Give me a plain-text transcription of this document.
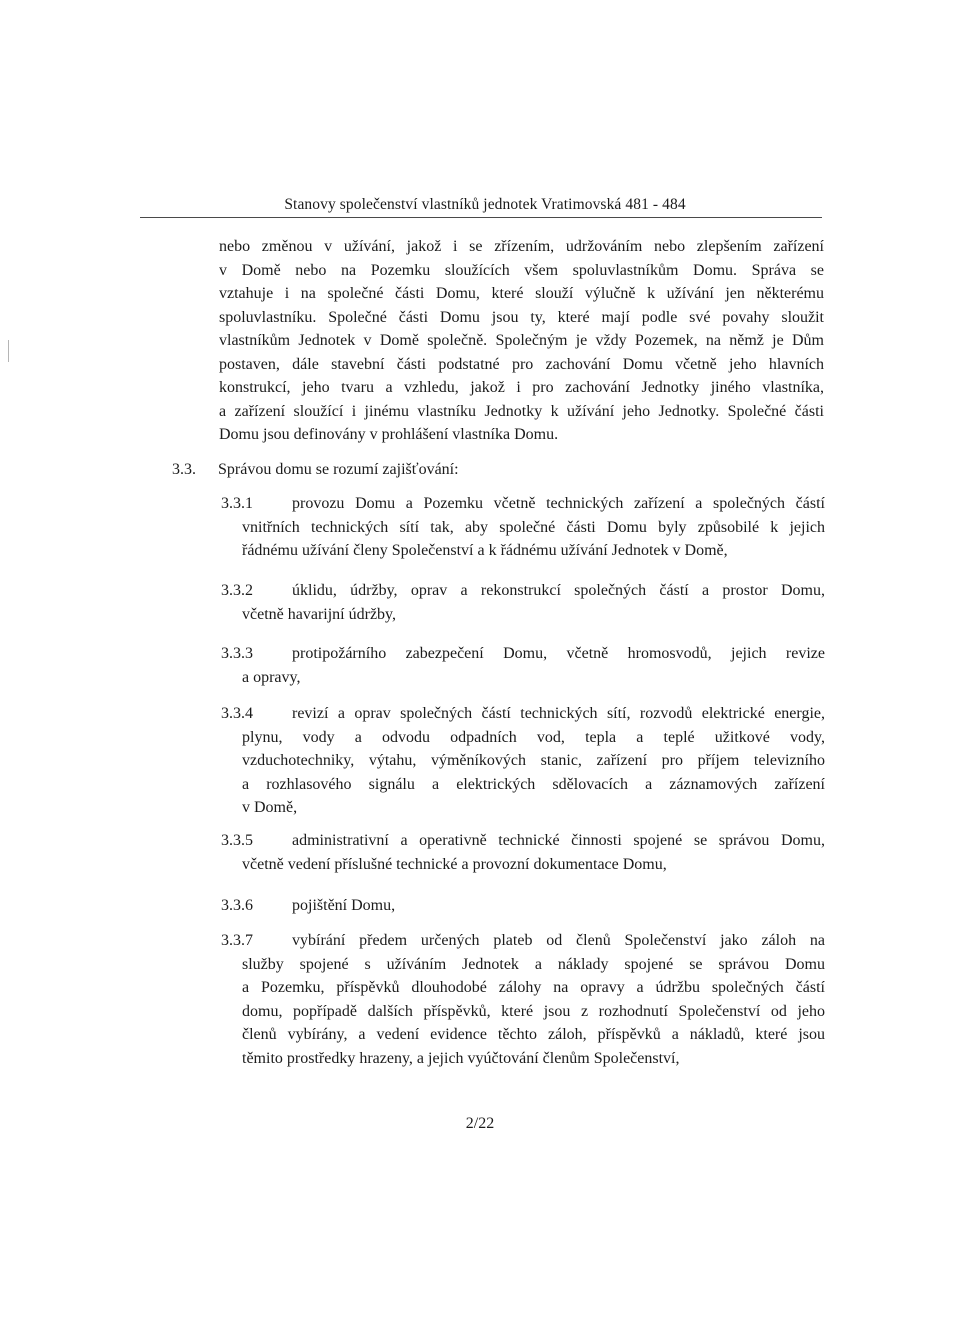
Stanovy společenství vlastníků jednotek Vratimovská 481 - 484
nebo změnou v užívání, jakož i se zřízením, udržováním nebo zlepšením zařízení
v Domě nebo na Pozemku sloužících všem spoluvlastníkům Domu. Správa se
vztahuje i na společné části Domu, které slouží výlučně k užívání jen některému
spoluvlastníku. Společné části Domu jsou ty, které mají podle své povahy sloužit
vlastníkům Jednotek v Domě společně. Společným je vždy Pozemek, na němž je Dům
postaven, dále stavební části podstatné pro zachování Domu včetně jeho hlavních
konstrukcí, jeho tvaru a vzhledu, jakož i pro zachování Jednotky jiného vlastníka,
a zařízení sloužící i jinému vlastníku Jednotky k užívání jeho Jednotky. Společné části
Domu jsou definovány v prohlášení vlastníka Domu.
3.3. Správou domu se rozumí zajišťování:
3.3.1 provozu Domu a Pozemku včetně technických zařízení a společných částí
vnitřních technických sítí tak, aby společné části Domu byly způsobilé k jejich
řádnému užívání členy Společenství a k řádnému užívání Jednotek v Domě,
3.3.2 úklidu, údržby, oprav a rekonstrukcí společných částí a prostor Domu,
včetně havarijní údržby,
3.3.3 protipožárního zabezpečení Domu, včetně hromosvodů, jejich revize
a opravy,
3.3.4 revizí a oprav společných částí technických sítí, rozvodů elektrické energie,
plynu, vody a odvodu odpadních vod, tepla a teplé užitkové vody,
vzduchotechniky, výtahu, výměníkových stanic, zařízení pro příjem televizního
a rozhlasového signálu a elektrických sdělovacích a záznamových zařízení
v Domě,
3.3.5 administrativní a operativně technické činnosti spojené se správou Domu,
včetně vedení příslušné technické a provozní dokumentace Domu,
3.3.6 pojištění Domu,
3.3.7 vybírání předem určených plateb od členů Společenství jako záloh na
služby spojené s užíváním Jednotek a náklady spojené se správou Domu
a Pozemku, příspěvků dlouhodobé zálohy na opravy a údržbu společných částí
domu, popřípadě dalších příspěvků, které jsou z rozhodnutí Společenství od jeho
členů vybírány, a vedení evidence těchto záloh, příspěvků a nákladů, které jsou
těmito prostředky hrazeny, a jejich vyúčtování členům Společenství,
2/22
